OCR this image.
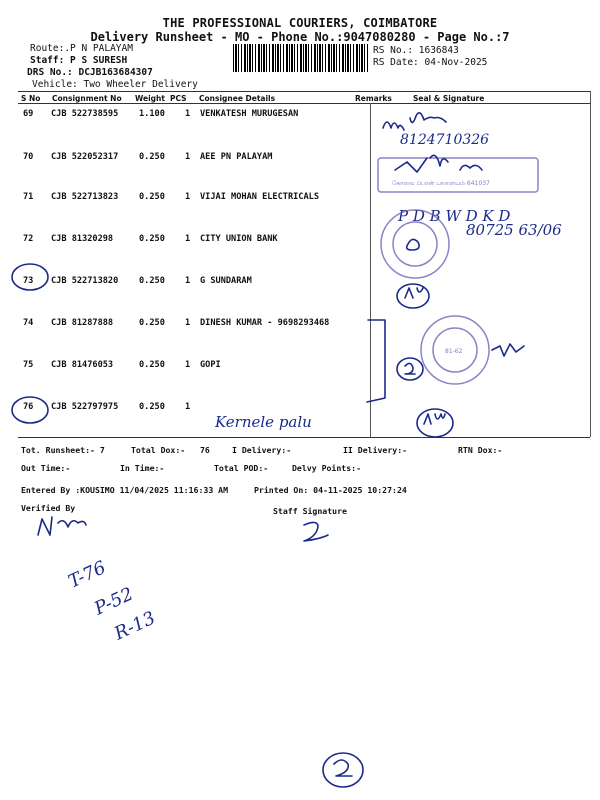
THE PROFESSIONAL COURIERS, COIMBATORE
Delivery Runsheet - MO - Phone No.:9047080280 - Page No.:7
Route:.P N PALAYAM
Staff: P S SURESH
DRS No.: DCJB163684307
Vehicle: Two Wheeler Delivery
RS No.: 1636843
RS Date: 04-Nov-2025
S No Consignment No Weight PCS Consignee Details	Remarks	Seal & Signature
69 CJB 522738595 1.100 1 VENKATESH MURUGESAN
70 CJB 522052317 0.250 1 AEE PN PALAYAM
71 CJB 522713823 0.250 1 VIJAI MOHAN ELECTRICALS
72 CJB 81320298	0.250 1 CITY UNION BANK
73 CJB 522713820 0.250 1 G SUNDARAM
74 CJB 81287888	0.250 1 DINESH KUMAR - 9698293468
75 CJB 81476053	0.250 1 GOPI
76 CJB 522797975 0.250 1
Tot. Runsheet:- 7	Total Dox:- 76	I Delivery:-	II Delivery:-	RTN Dox:-
Out Time:-	In Time:-	Total POD:-	Delvy Points:-
Entered By :KOUSIMO 11/04/2025 11:16:33 AM	Printed On: 04-11-2025 10:27:24
Verified By	Staff Signature
8124710326
கோவை பி.என் பாளையம் 641037
P D B W D K D
80725 63/06
81-62
Kernele palu
T-76
P-52
R-13
